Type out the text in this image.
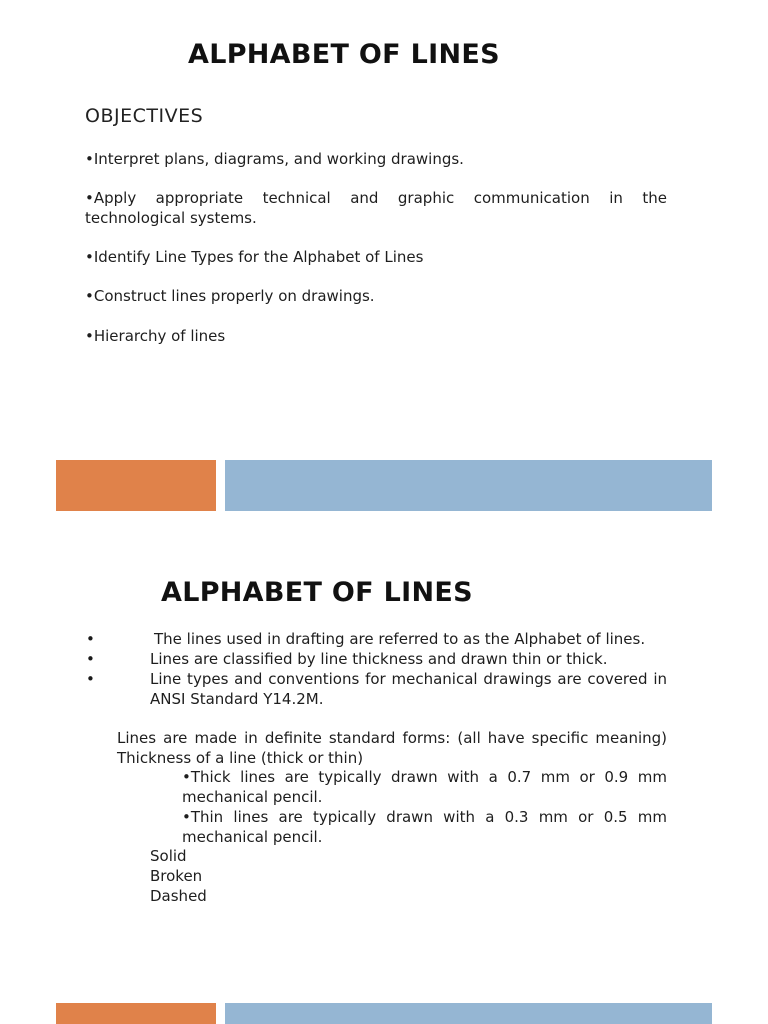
ALPHABET OF LINES
OBJECTIVES
•Interpret plans, diagrams, and working drawings.
•Apply appropriate technical and graphic communication in the technological systems.
•Identify Line Types for the Alphabet of Lines
•Construct lines properly on drawings.
•Hierarchy of lines
ALPHABET OF LINES
•	The lines used in drafting are referred to as the Alphabet of lines.
•	Lines are classified by line thickness and drawn thin or thick.
•	Line types and conventions for mechanical drawings are covered in ANSI Standard Y14.2M.
Lines are made in definite standard forms: (all have specific meaning) Thickness of a line (thick or thin)
•Thick lines are typically drawn with a 0.7 mm or 0.9 mm mechanical pencil.
•Thin lines are typically drawn with a 0.3 mm or 0.5 mm mechanical pencil.
Solid
Broken
Dashed
